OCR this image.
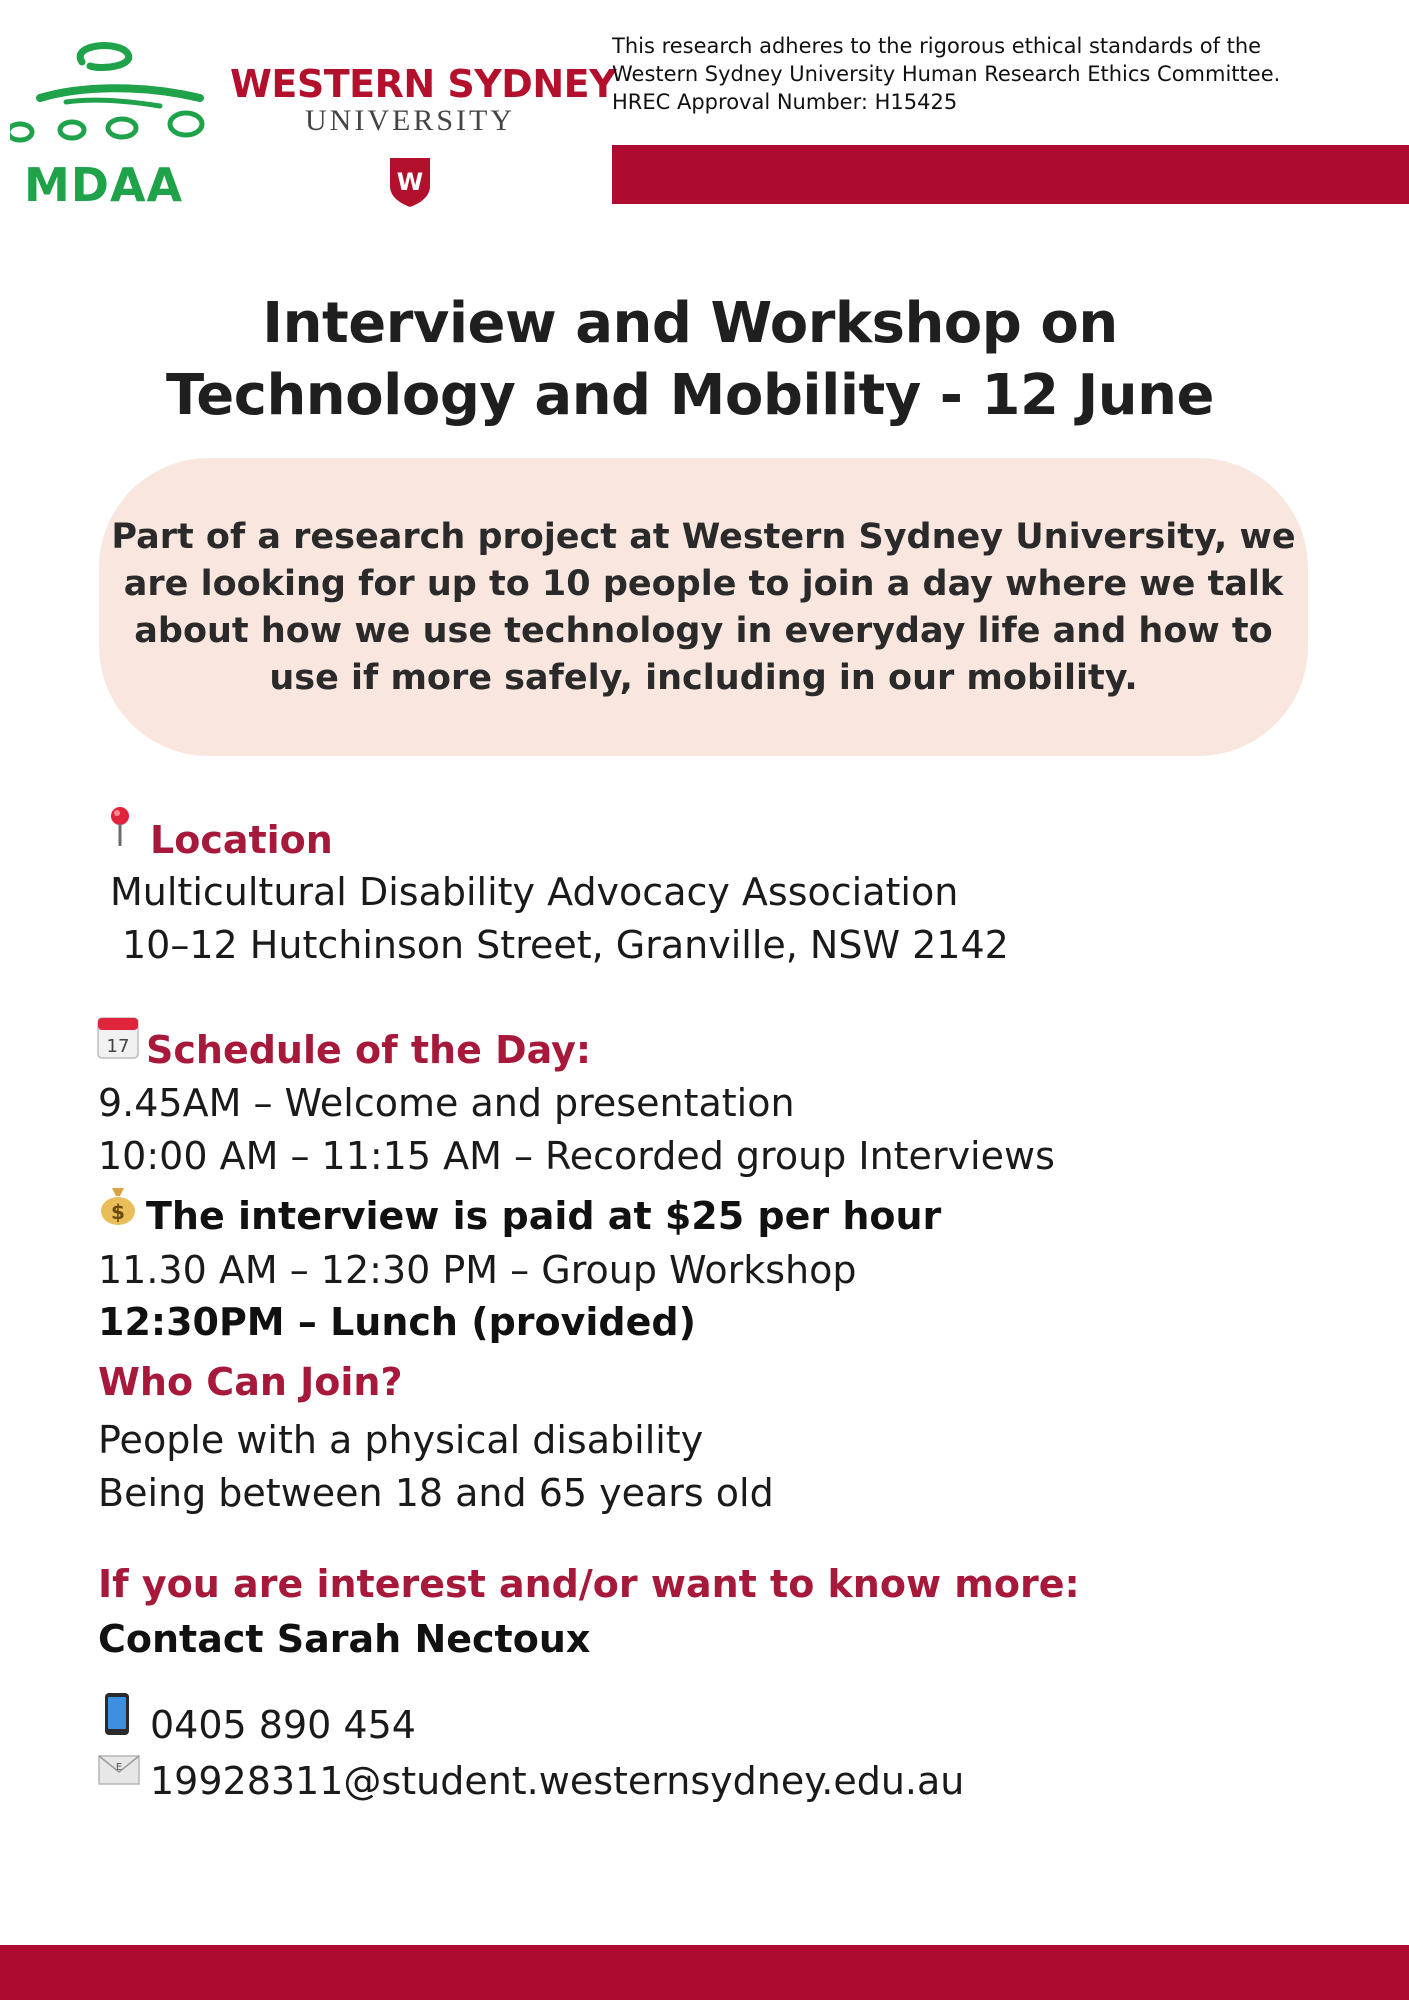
MDAA
WESTERN SYDNEY
UNIVERSITY
W
This research adheres to the rigorous ethical standards of the
Western Sydney University Human Research Ethics Committee.
HREC Approval Number: H15425
Interview and Workshop on
Technology and Mobility - 12 June
Part of a research project at Western Sydney University, we
are looking for up to 10 people to join a day where we talk
about how we use technology in everyday life and how to
use if more safely, including in our mobility.
Location
Multicultural Disability Advocacy Association
10–12 Hutchinson Street, Granville, NSW 2142
17 Schedule of the Day:
9.45AM – Welcome and presentation
10:00 AM – 11:15 AM – Recorded group Interviews
$ The interview is paid at $25 per hour
11.30 AM – 12:30 PM – Group Workshop
12:30PM – Lunch (provided)
Who Can Join?
People with a physical disability
Being between 18 and 65 years old
If you are interest and/or want to know more:
Contact Sarah Nectoux
0405 890 454
E 19928311@student.westernsydney.edu.au
